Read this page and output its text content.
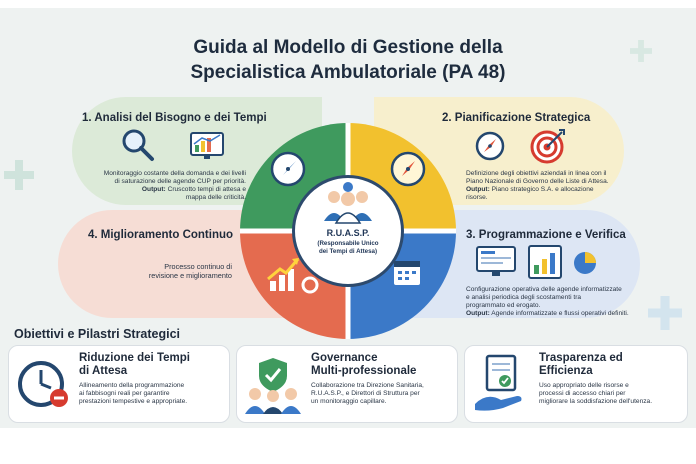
Guida al Modello di Gestione della
Specialistica Ambulatoriale (PA 48)
R.U.A.S.P.
(Responsabile Unico
dei Tempi di Attesa)
1. Analisi del Bisogno e dei Tempi
Monitoraggio costante della domanda e dei livelli
di saturazione delle agende CUP per priorità.
Output: Cruscotto tempi di attesa e
mappa delle criticità.
2. Pianificazione Strategica
Definizione degli obiettivi aziendali in linea con il
Piano Nazionale di Governo delle Liste di Attesa.
Output: Piano strategico S.A. e allocazione
risorse.
4. Miglioramento Continuo
Processo continuo di
revisione e miglioramento
3. Programmazione e Verifica
Configurazione operativa delle agende informatizzate
e analisi periodica degli scostamenti tra
programmato ed erogato.
Output: Agende informatizzate e flussi operativi definiti.
Obiettivi e Pilastri Strategici
Riduzione dei Tempi
di Attesa
Allineamento della programmazione
ai fabbisogni reali per garantire
prestazioni tempestive e appropriate.
Governance
Multi-professionale
Collaborazione tra Direzione Sanitaria,
R.U.A.S.P., e Direttori di Struttura per
un monitoraggio capillare.
Trasparenza ed
Efficienza
Uso appropriato delle risorse e
processi di accesso chiari per
migliorare la soddisfazione dell'utenza.
